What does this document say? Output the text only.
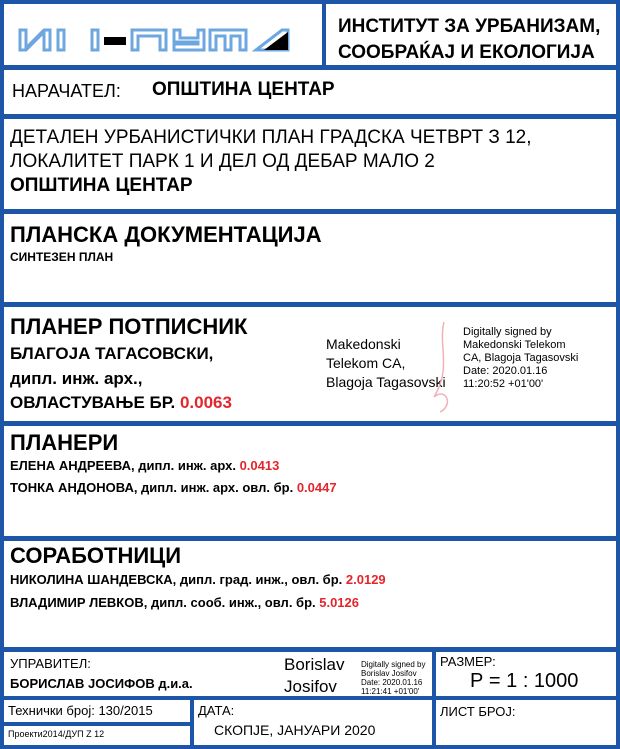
ИНСТИТУТ ЗА УРБАНИЗАМ,
СООБРАЌАЈ И ЕКОЛОГИЈА
НАРАЧАТЕЛ: ОПШТИНА ЦЕНТАР
ДЕТАЛЕН УРБАНИСТИЧКИ ПЛАН ГРАДСКА ЧЕТВРТ З 12,
ЛОКАЛИТЕТ ПАРК 1 И ДЕЛ ОД ДЕБАР МАЛО 2
ОПШТИНА ЦЕНТАР
ПЛАНСКА ДОКУМЕНТАЦИЈА
СИНТЕЗЕН ПЛАН
ПЛАНЕР ПОТПИСНИК
БЛАГОЈА ТАГАСОВСКИ,
дипл. инж. арх.,
ОВЛАСТУВАЊЕ БР. 0.0063
Makedonski
Telekom CA,
Blagoja Tagasovski
Digitally signed by
Makedonski Telekom
CA, Blagoja Tagasovski
Date: 2020.01.16
11:20:52 +01'00'
ПЛАНЕРИ
ЕЛЕНА АНДРЕЕВА, дипл. инж. арх. 0.0413
ТОНКА АНДОНОВА, дипл. инж. арх. овл. бр. 0.0447
СОРАБОТНИЦИ
НИКОЛИНА ШАНДЕВСКА, дипл. град. инж., овл. бр. 2.0129
ВЛАДИМИР ЛЕВКОВ, дипл. сооб. инж., овл. бр. 5.0126
УПРАВИТЕЛ:
БОРИСЛАВ ЈОСИФОВ д.и.а.
Borislav
Josifov
Digitally signed by
Borislav Josifov
Date: 2020.01.16
11:21:41 +01'00'
РАЗМЕР:
Р = 1 : 1000
Технички број: 130/2015
Проекти2014/ДУП Z 12
ДАТА:
СКОПЈЕ, ЈАНУАРИ 2020
ЛИСТ БРОЈ:
